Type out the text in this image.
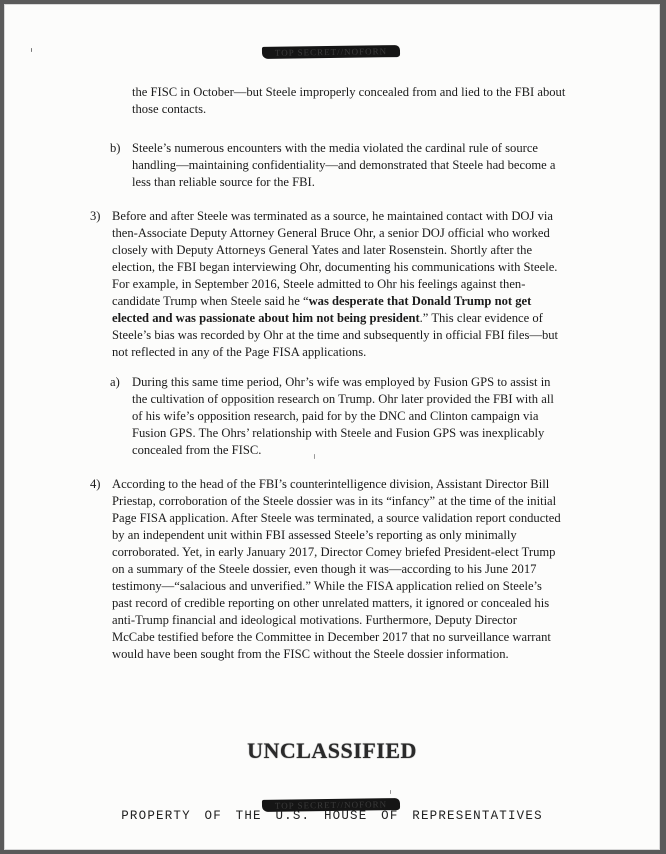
TOP SECRET//NOFORN
the FISC in October—but Steele improperly concealed from and lied to the FBI about
those contacts.
b) Steele’s numerous encounters with the media violated the cardinal rule of source
handling—maintaining confidentiality—and demonstrated that Steele had become a
less than reliable source for the FBI.
3) Before and after Steele was terminated as a source, he maintained contact with DOJ via
then-Associate Deputy Attorney General Bruce Ohr, a senior DOJ official who worked
closely with Deputy Attorneys General Yates and later Rosenstein. Shortly after the
election, the FBI began interviewing Ohr, documenting his communications with Steele.
For example, in September 2016, Steele admitted to Ohr his feelings against then-
candidate Trump when Steele said he “was desperate that Donald Trump not get
elected and was passionate about him not being president.” This clear evidence of
Steele’s bias was recorded by Ohr at the time and subsequently in official FBI files—but
not reflected in any of the Page FISA applications.
a) During this same time period, Ohr’s wife was employed by Fusion GPS to assist in
the cultivation of opposition research on Trump. Ohr later provided the FBI with all
of his wife’s opposition research, paid for by the DNC and Clinton campaign via
Fusion GPS. The Ohrs’ relationship with Steele and Fusion GPS was inexplicably
concealed from the FISC.
4) According to the head of the FBI’s counterintelligence division, Assistant Director Bill
Priestap, corroboration of the Steele dossier was in its “infancy” at the time of the initial
Page FISA application. After Steele was terminated, a source validation report conducted
by an independent unit within FBI assessed Steele’s reporting as only minimally
corroborated. Yet, in early January 2017, Director Comey briefed President-elect Trump
on a summary of the Steele dossier, even though it was—according to his June 2017
testimony—“salacious and unverified.” While the FISA application relied on Steele’s
past record of credible reporting on other unrelated matters, it ignored or concealed his
anti-Trump financial and ideological motivations. Furthermore, Deputy Director
McCabe testified before the Committee in December 2017 that no surveillance warrant
would have been sought from the FISC without the Steele dossier information.
UNCLASSIFIED
TOP SECRET//NOFORN
PROPERTY OF THE U.S. HOUSE OF REPRESENTATIVES
